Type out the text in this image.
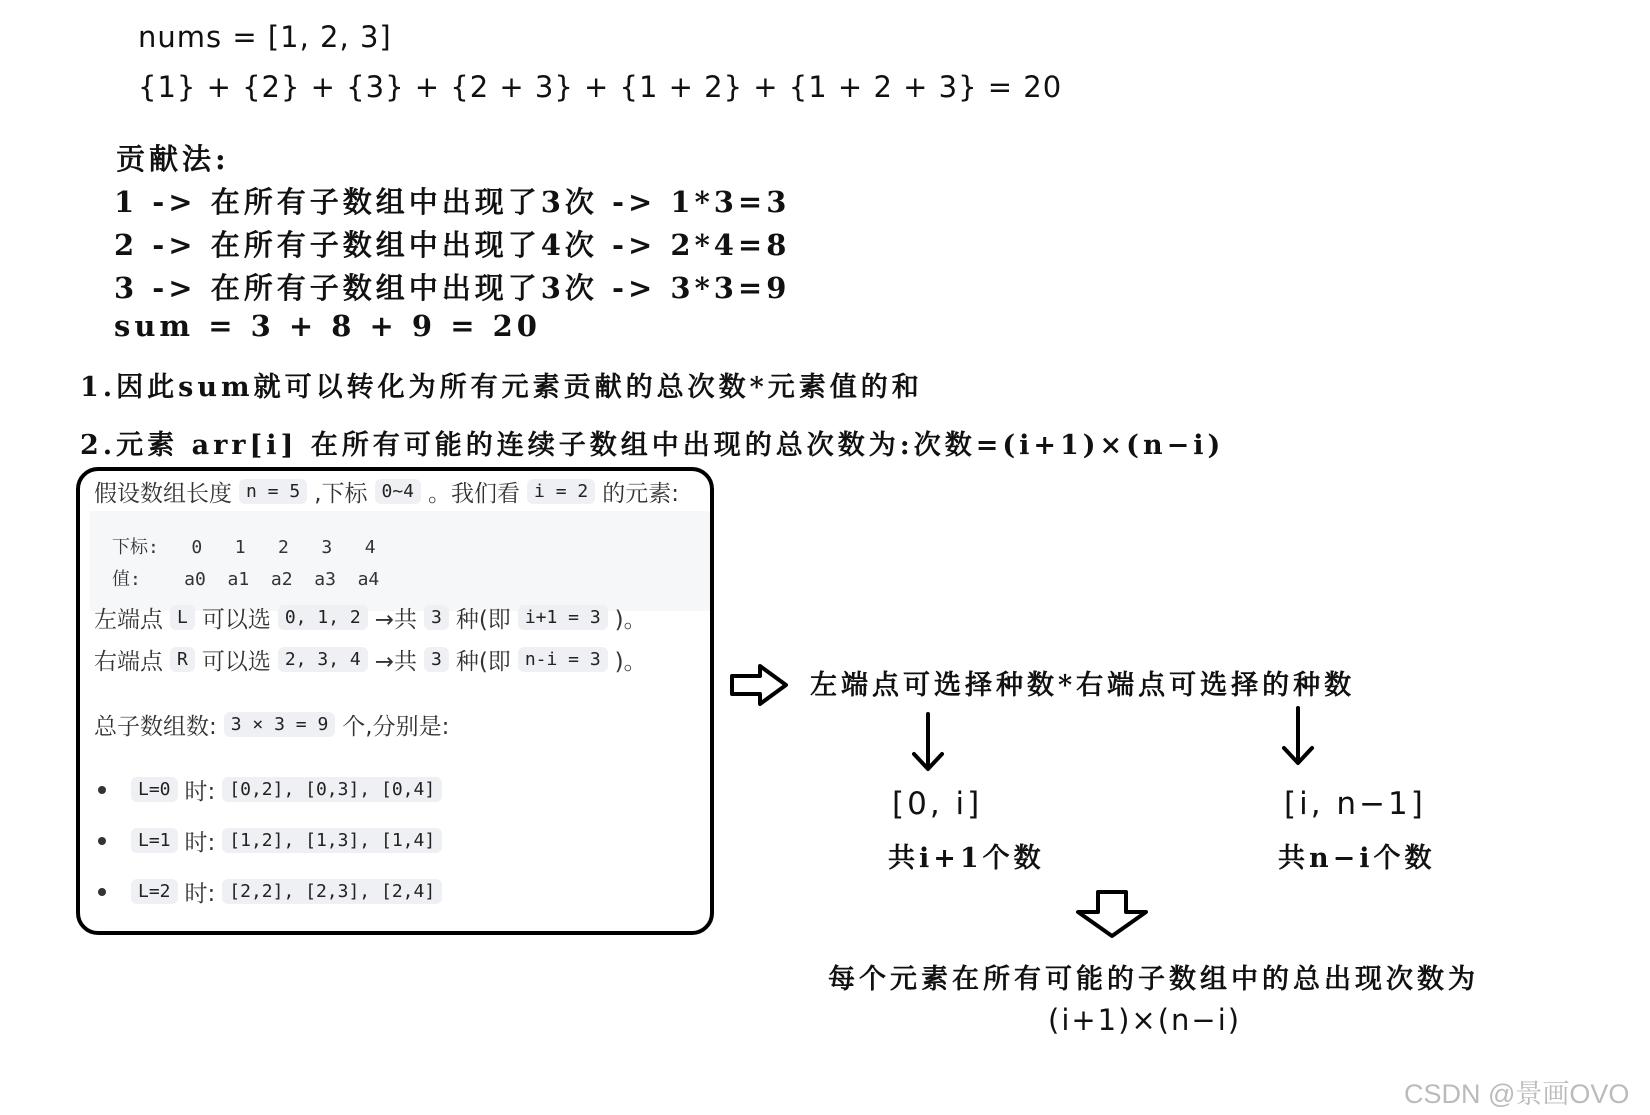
nums = [1, 2, 3]
{1} + {2} + {3} + {2 + 3} + {1 + 2} + {1 + 2 + 3} = 20
贡献法:
1 -> 在所有子数组中出现了3次 -> 1*3=3
2 -> 在所有子数组中出现了4次 -> 2*4=8
3 -> 在所有子数组中出现了3次 -> 3*3=9
sum = 3 + 8 + 9 = 20
1.因此sum就可以转化为所有元素贡献的总次数*元素值的和
2.元素 arr[i] 在所有可能的连续子数组中出现的总次数为:次数=(i+1)×(n−i)
假设数组长度 n = 5 ,下标 0~4 。我们看 i = 2 的元素:
下标:   0   1   2   3   4
值:    a0  a1  a2  a3  a4
左端点 L 可以选 0, 1, 2 →共 3 种(即 i+1 = 3 )。
右端点 R 可以选 2, 3, 4 →共 3 种(即 n-i = 3 )。
总子数组数: 3 × 3 = 9 个,分别是:
L=0 时: [0,2], [0,3], [0,4]
L=1 时: [1,2], [1,3], [1,4]
L=2 时: [2,2], [2,3], [2,4]
左端点可选择种数*右端点可选择的种数
[0, i]
共i+1个数
[i, n−1]
共n−i个数
每个元素在所有可能的子数组中的总出现次数为
(i+1)×(n−i)
CSDN @景画OVO
